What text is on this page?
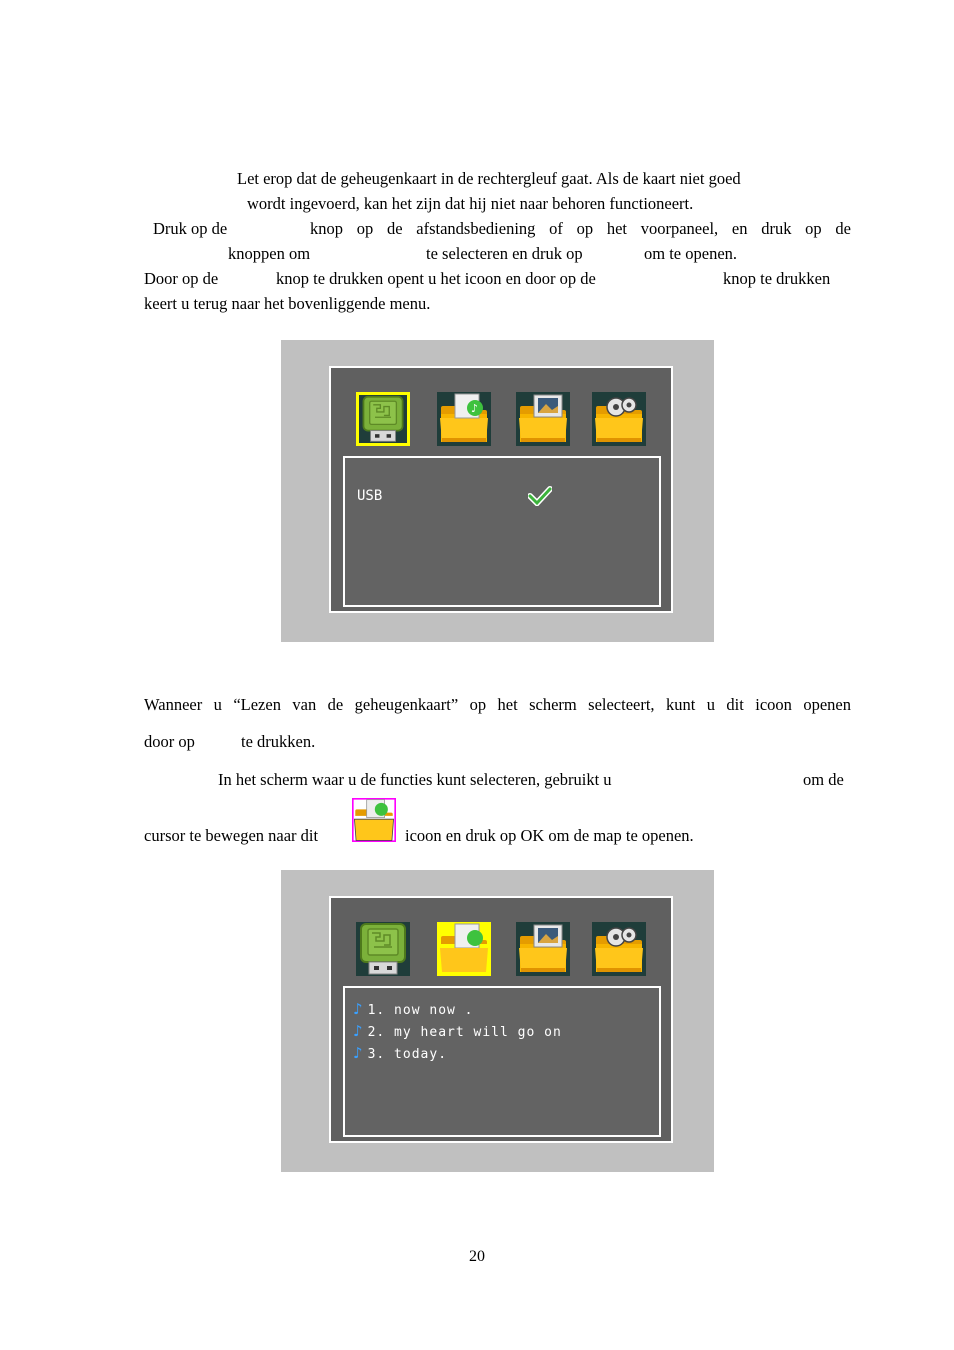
Let erop dat de geheugenkaart in de rechtergleuf gaat. Als de kaart niet goed
wordt ingevoerd, kan het zijn dat hij niet naar behoren functioneert.
Druk op de	knop op de afstandsbediening of op het voorpaneel, en druk op de
knoppen om	te selecteren en druk op	om te openen.
Door op de	knop te drukken opent u het icoon en door op de	knop te drukken
keert u terug naar het bovenliggende menu.
♪
USB
Wanneer u “Lezen van de geheugenkaart” op het scherm selecteert, kunt u dit icoon openen
door op	te drukken.
In het scherm waar u de functies kunt selecteren, gebruikt u	om de
cursor te bewegen naar dit	icoon en druk op OK om de map te openen.
♪ 1. now now .
♪ 2. my heart will go on
♪ 3. today.
20
